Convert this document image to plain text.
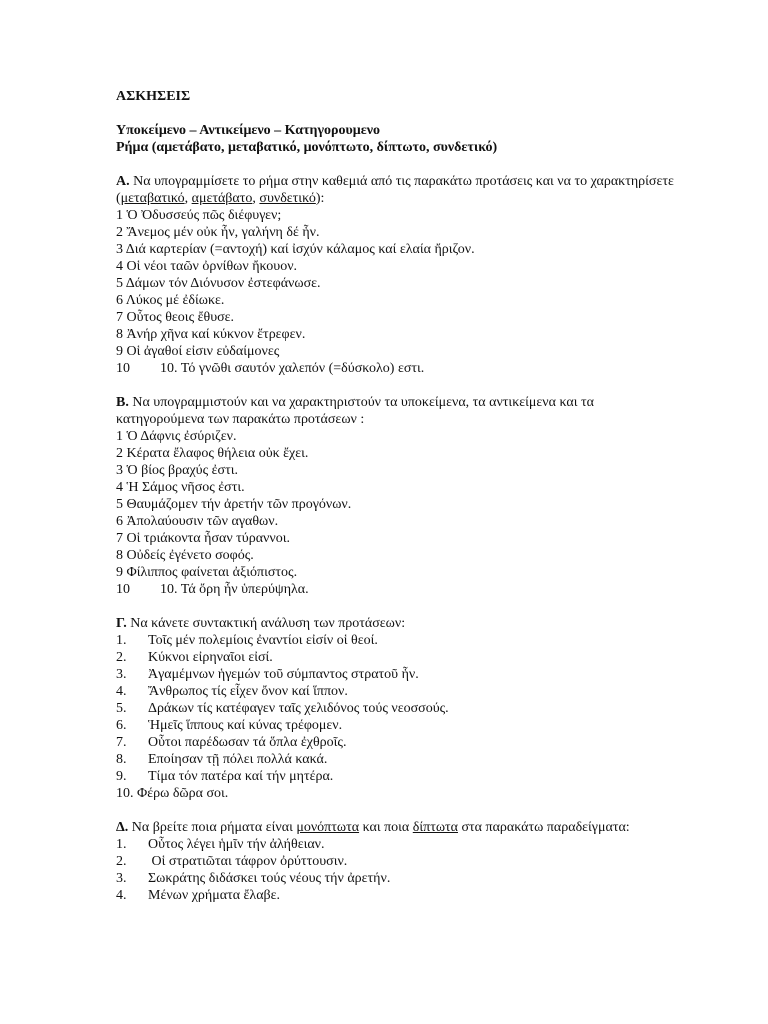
ΑΣΚΗΣΕΙΣ

Υποκείμενο – Αντικείμενο – Κατηγορουμενο

Ρήμα (αμετάβατο, μεταβατικό, μονόπτωτο, δίπτωτο, συνδετικό)

Α. Να υπογραμμίσετε το ρήμα στην καθεμιά από τις παρακάτω προτάσεις και να το χαρακτηρίσετε (μεταβατικό, αμετάβατο, συνδετικό):

1 Ὁ Ὀδυσσεύς πῶς διέφυγεν;

2 Ἄνεμος μέν οὐκ ἦν, γαλήνη δέ ἦν.

3 Διά καρτερίαν (=αντοχή) καί ἰσχύν κάλαμος καί ελαία ἤριζον.

4 Οἱ νέοι ταῶν ὀρνίθων ἤκουον.

5 Δάμων τόν Διόνυσον ἐστεφάνωσε.

6 Λύκος μέ ἐδίωκε.

7 Οὗτος θεοις ἔθυσε.

8 Ἀνήρ χῆνα καί κύκνον ἔτρεφεν.

9 Οἱ ἀγαθοί εἰσιν εὐδαίμονες

10 10. Τό γνῶθι σαυτόν χαλεπόν (=δύσκολο) εστι.

Β. Να υπογραμμιστούν και να χαρακτηριστούν τα υποκείμενα, τα αντικείμενα και τα κατηγορούμενα των παρακάτω προτάσεων :

1 Ὁ Δάφνις ἐσύριζεν.

2 Κέρατα ἔλαφος θήλεια οὐκ ἔχει.

3 Ὁ βίος βραχύς ἐστι.

4 Ἡ Σάμος νῆσος ἐστι.

5 Θαυμάζομεν τήν ἀρετήν τῶν προγόνων.

6 Ἀπολαύουσιν τῶν αγαθων.

7 Οἱ τριάκοντα ἦσαν τύραννοι.

8 Οὐδείς ἐγένετο σοφός.

9 Φίλιππος φαίνεται ἀξιόπιστος.

10 10. Τά ὄρη ἦν ὑπερύψηλα.

Γ. Να κάνετε συντακτική ανάλυση των προτάσεων:

1. Τοῖς μέν πολεμίοις ἐναντίοι εἰσίν οἱ θεοί.

2. Κύκνοι εἰρηναῖοι εἰσί.

3. Ἀγαμέμνων ἡγεμών τοῦ σύμπαντος στρατοῦ ἦν.

4. Ἄνθρωπος τίς εἶχεν ὄνον καί ἵππον.

5. Δράκων τίς κατέφαγεν ταῖς χελιδόνος τούς νεοσσούς.

6. Ἡμεῖς ἵππους καί κύνας τρέφομεν.

7. Οὗτοι παρέδωσαν τά ὅπλα ἐχθροῖς.

8. Εποίησαν τῇ πόλει πολλά κακά.

9. Τίμα τόν πατέρα καί τήν μητέρα.

10. Φέρω δῶρα σοι.

Δ. Να βρείτε ποια ρήματα είναι μονόπτωτα και ποια δίπτωτα στα παρακάτω παραδείγματα:

1. Οὗτος λέγει ἡμῖν τήν ἀλήθειαν.

2. Οἱ στρατιῶται τάφρον ὀρύττουσιν.

3. Σωκράτης διδάσκει τούς νέους τήν ἀρετήν.

4. Μένων χρήματα ἔλαβε.
